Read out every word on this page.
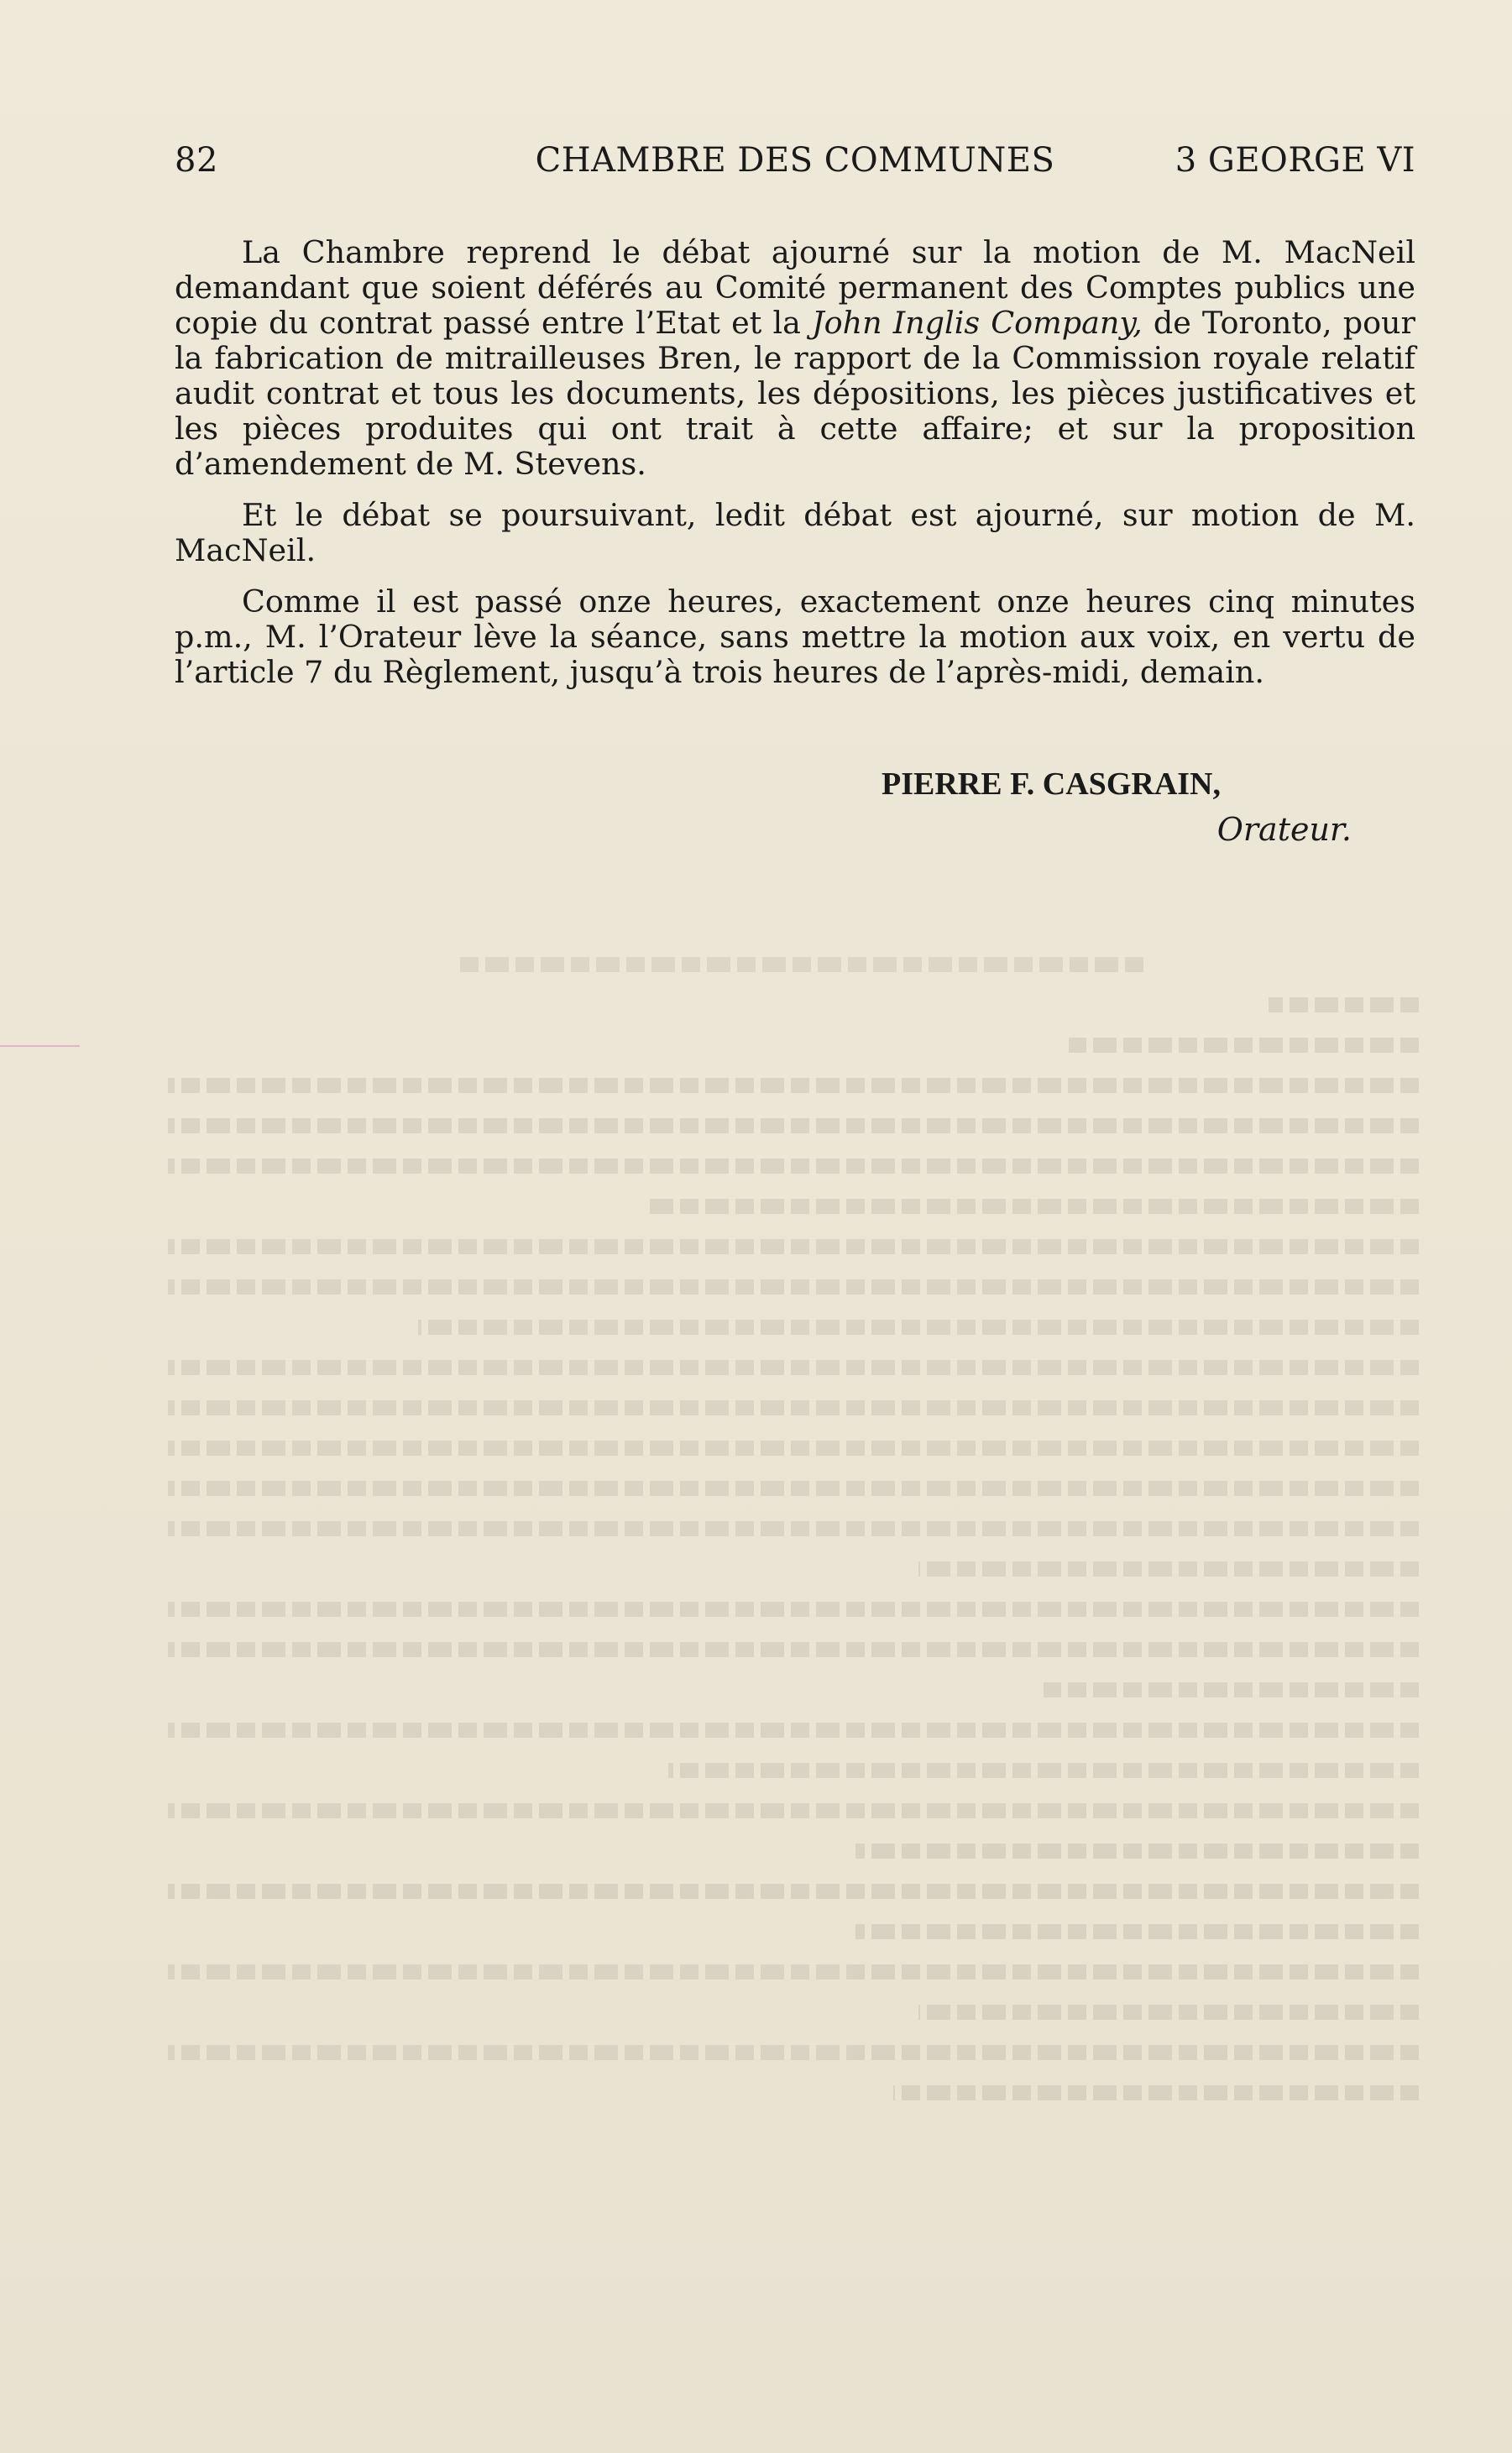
82	CHAMBRE DES COMMUNES	3 GEORGE VI

La Chambre reprend le débat ajourné sur la motion de M. MacNeil demandant que soient déférés au Comité permanent des Comptes publics une copie du contrat passé entre l’Etat et la John Inglis Company, de Toronto, pour la fabrication de mitrailleuses Bren, le rapport de la Commission royale relatif audit contrat et tous les documents, les dépositions, les pièces justificatives et les pièces produites qui ont trait à cette affaire; et sur la proposition d’amendement de M. Stevens.

Et le débat se poursuivant, ledit débat est ajourné, sur motion de M. MacNeil.

Comme il est passé onze heures, exactement onze heures cinq minutes p.m., M. l’Orateur lève la séance, sans mettre la motion aux voix, en vertu de l’article 7 du Règlement, jusqu’à trois heures de l’après-midi, demain.

PIERRE F. CASGRAIN,
Orateur.
